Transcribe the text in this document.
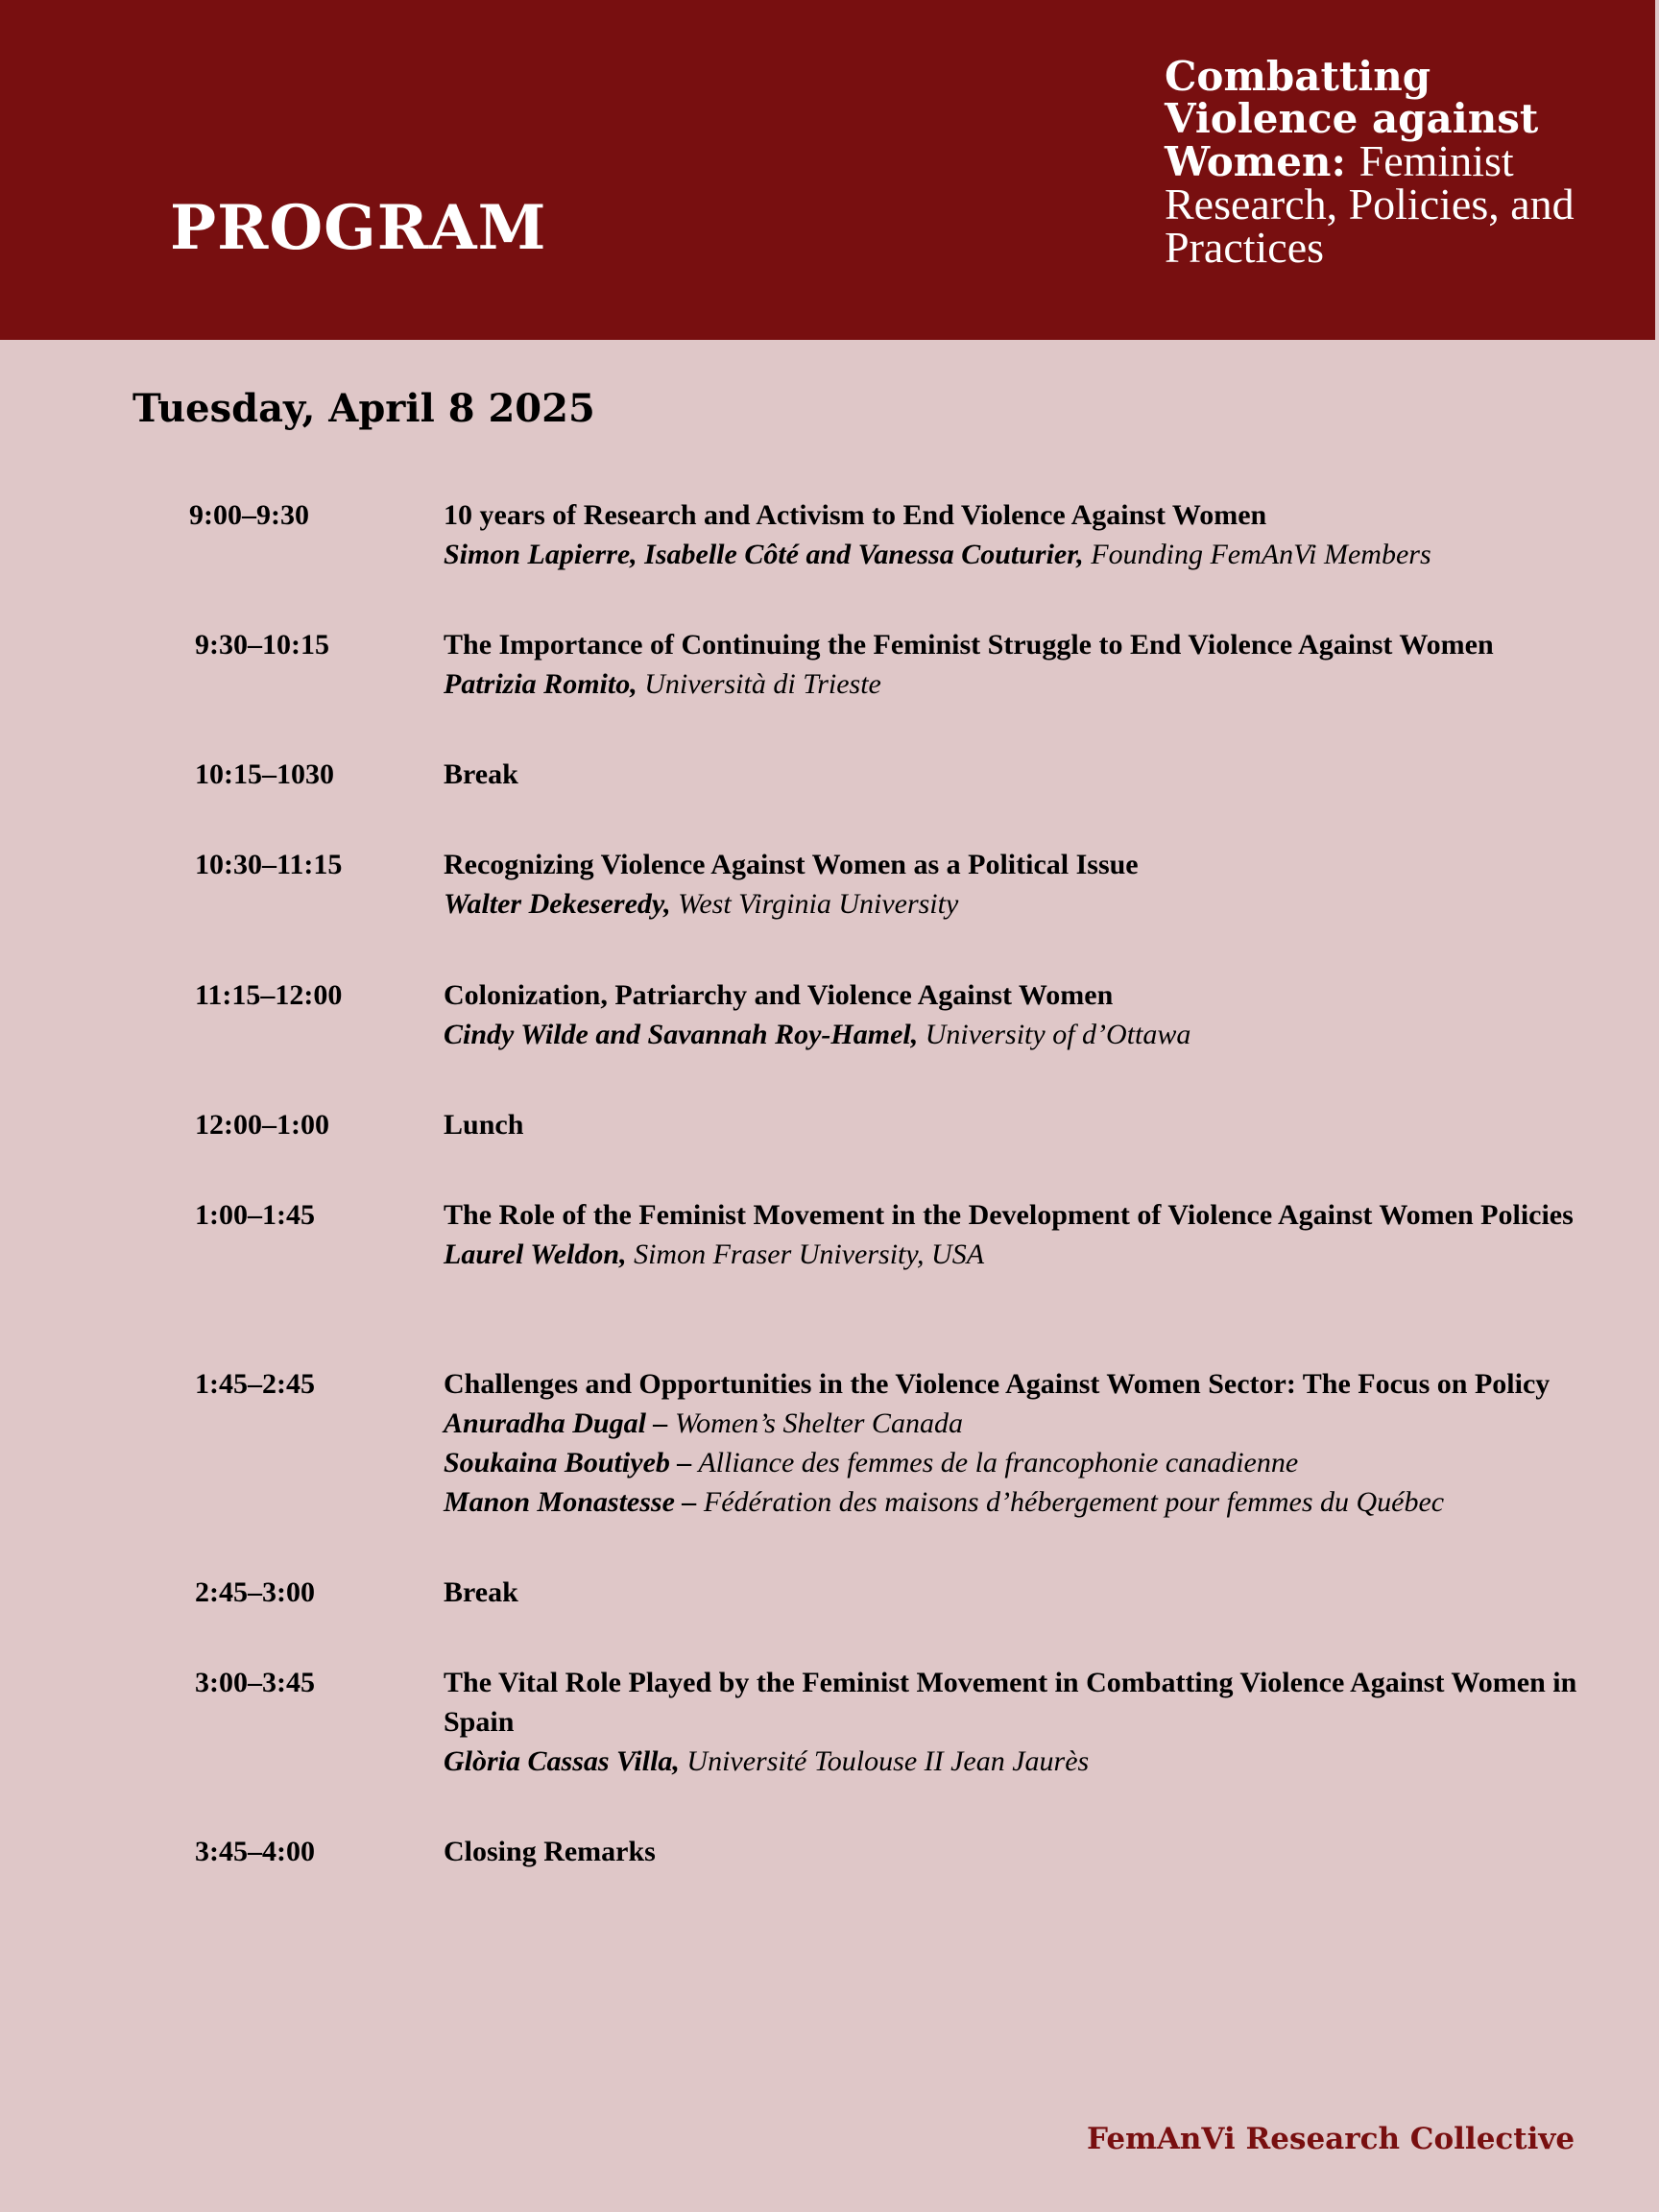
PROGRAM
Combatting
Violence against
Women: Feminist
Research, Policies, and
Practices
Tuesday, April 8 2025
9:00–9:30	10 years of Research and Activism to End Violence Against Women
Simon Lapierre, Isabelle Côté and Vanessa Couturier, Founding FemAnVi Members
9:30–10:15	The Importance of Continuing the Feminist Struggle to End Violence Against Women
Patrizia Romito, Università di Trieste
10:15–1030	Break
10:30–11:15	Recognizing Violence Against Women as a Political Issue
Walter Dekeseredy, West Virginia University
11:15–12:00	Colonization, Patriarchy and Violence Against Women
Cindy Wilde and Savannah Roy-Hamel, University of d’Ottawa
12:00–1:00	Lunch
1:00–1:45	The Role of the Feminist Movement in the Development of Violence Against Women Policies
Laurel Weldon, Simon Fraser University, USA
1:45–2:45	Challenges and Opportunities in the Violence Against Women Sector: The Focus on Policy
Anuradha Dugal – Women’s Shelter Canada
Soukaina Boutiyeb – Alliance des femmes de la francophonie canadienne
Manon Monastesse – Fédération des maisons d’hébergement pour femmes du Québec
2:45–3:00	Break
3:00–3:45	The Vital Role Played by the Feminist Movement in Combatting Violence Against Women in Spain
Glòria Cassas Villa, Université Toulouse II Jean Jaurès
3:45–4:00	Closing Remarks
FemAnVi Research Collective
